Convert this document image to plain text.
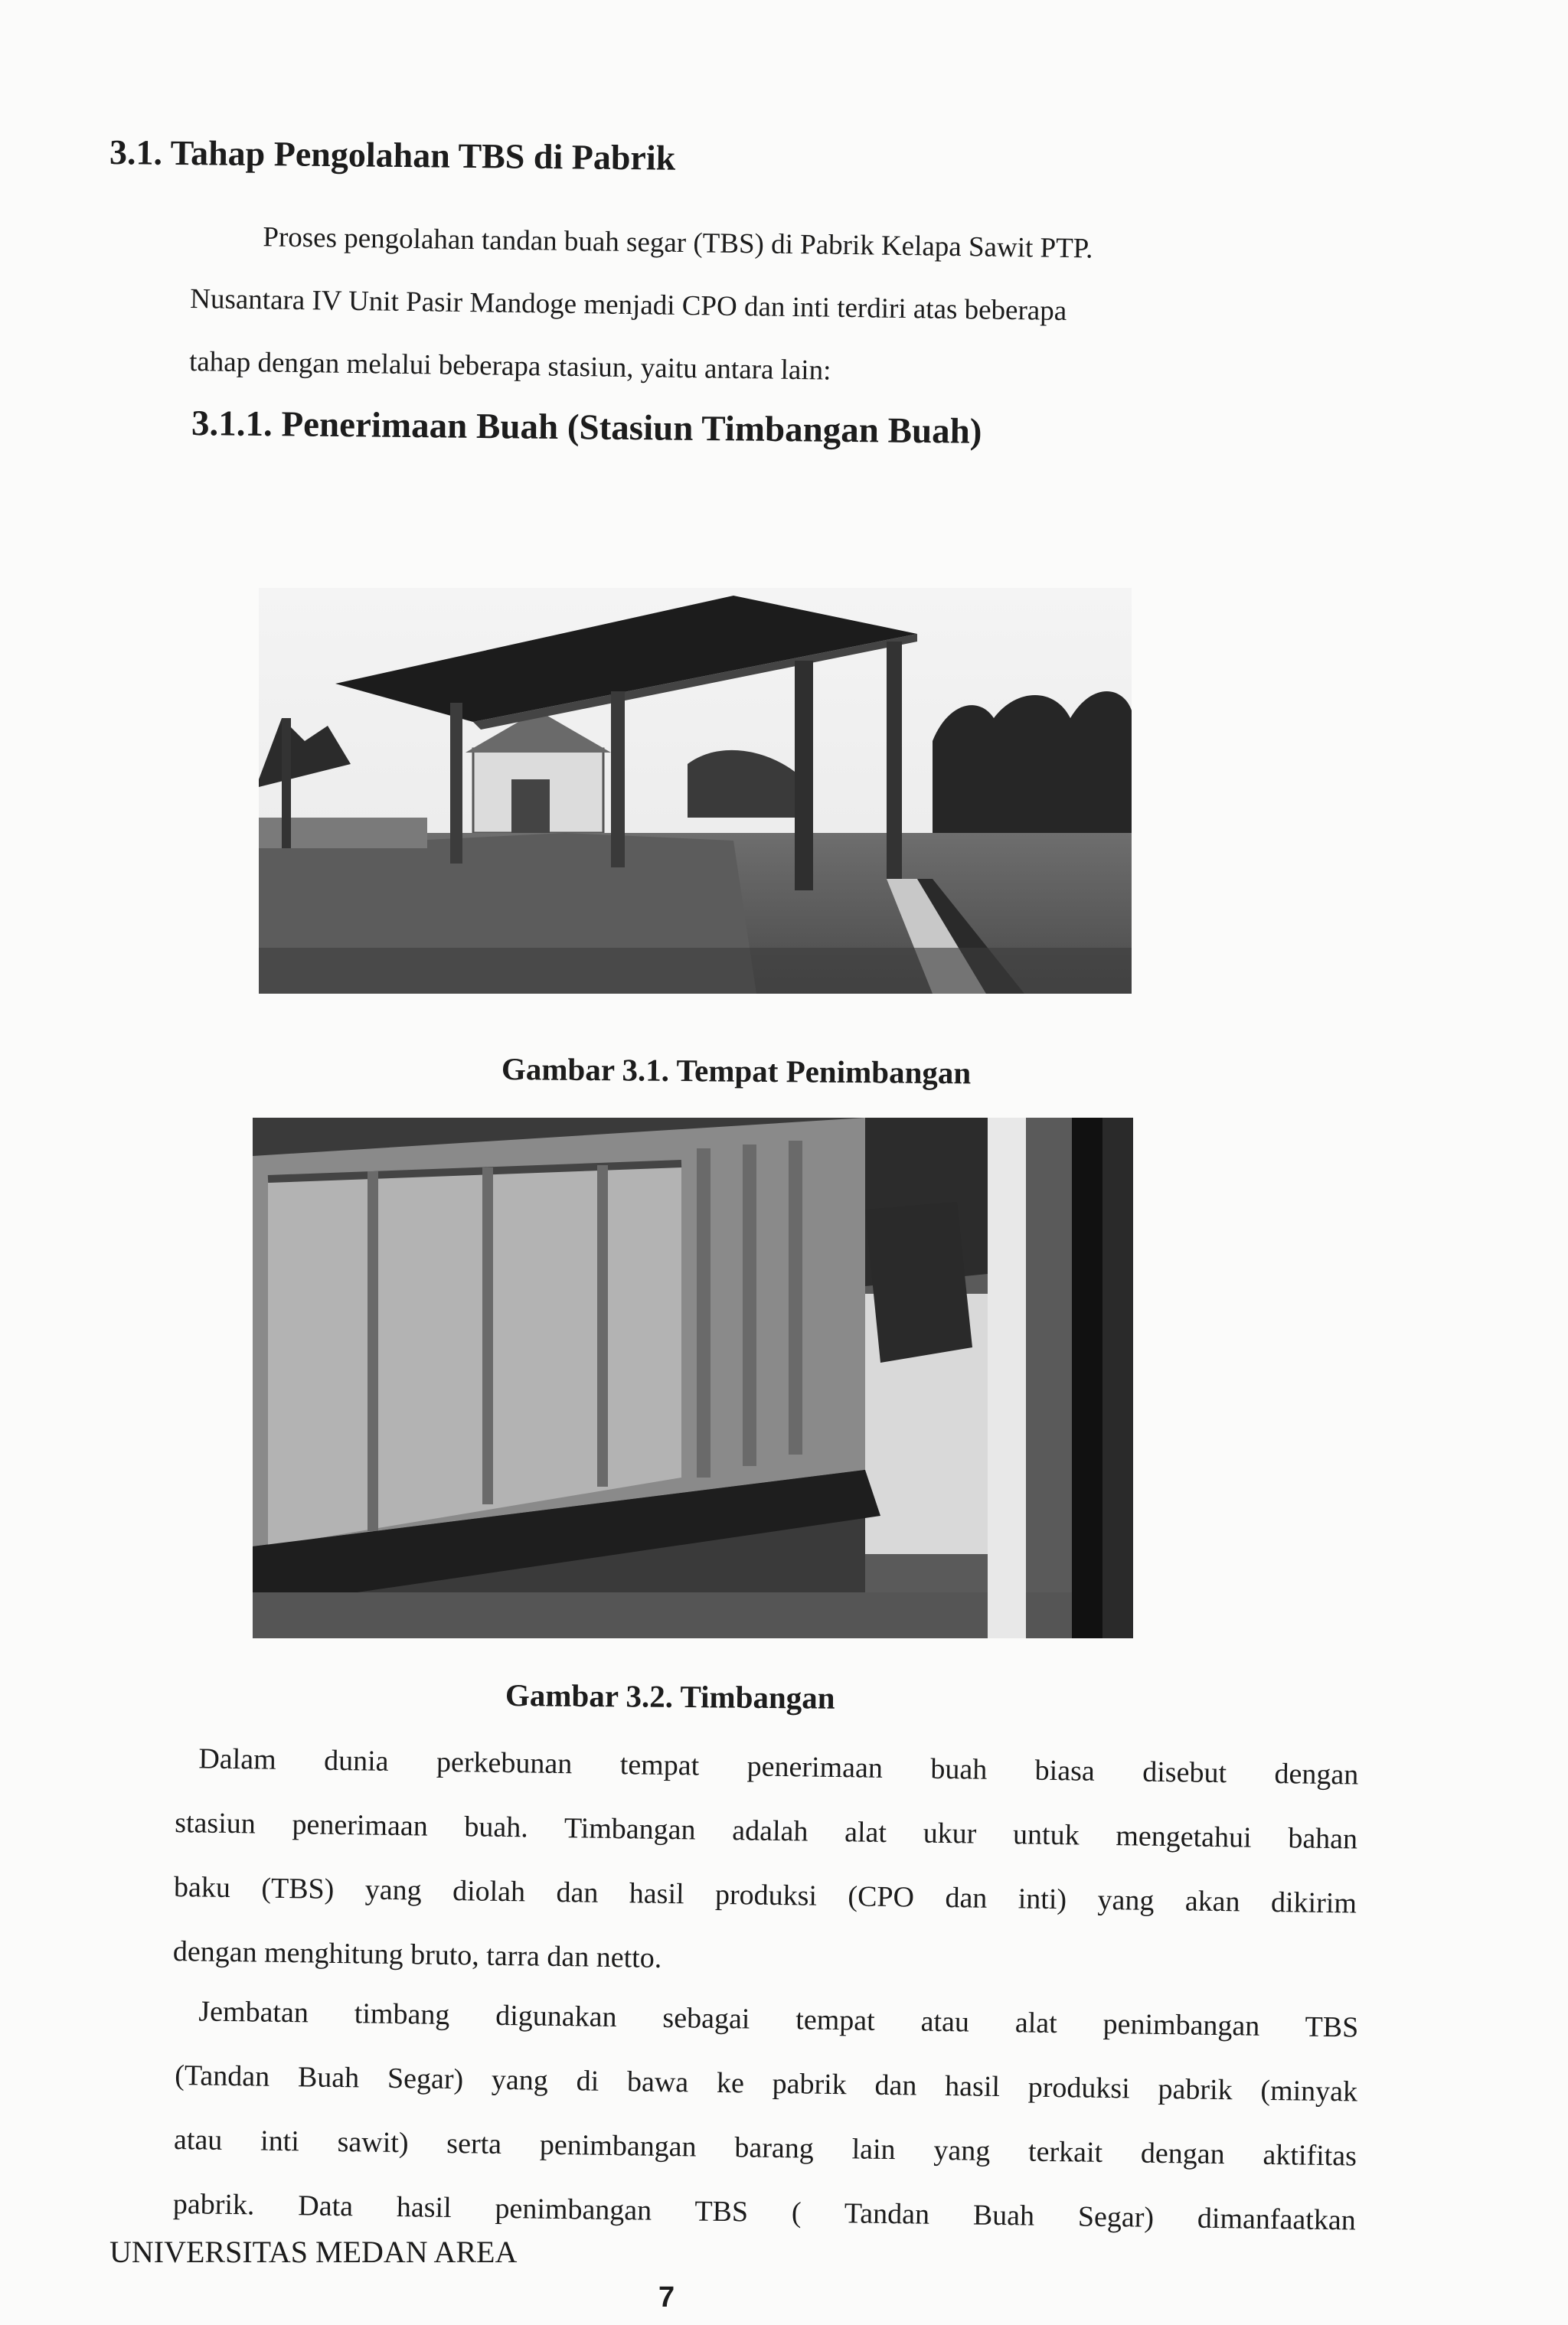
3.1. Tahap Pengolahan TBS di Pabrik
Proses pengolahan tandan buah segar (TBS) di Pabrik Kelapa Sawit PTP.
Nusantara IV Unit Pasir Mandoge menjadi CPO dan inti terdiri atas beberapa
tahap dengan melalui beberapa stasiun, yaitu antara lain:
3.1.1. Penerimaan Buah (Stasiun Timbangan Buah)
Gambar 3.1. Tempat Penimbangan
Gambar 3.2. Timbangan
Dalam dunia perkebunan tempat penerimaan buah biasa disebut dengan
stasiun penerimaan buah. Timbangan adalah alat ukur untuk mengetahui bahan
baku (TBS) yang diolah dan hasil produksi (CPO dan inti) yang akan dikirim
dengan menghitung bruto, tarra dan netto.
Jembatan timbang digunakan sebagai tempat atau alat penimbangan TBS
(Tandan Buah Segar) yang di bawa ke pabrik dan hasil produksi pabrik (minyak
atau inti sawit) serta penimbangan barang lain yang terkait dengan aktifitas
pabrik. Data hasil penimbangan TBS ( Tandan Buah Segar) dimanfaatkan
UNIVERSITAS MEDAN AREA
7
